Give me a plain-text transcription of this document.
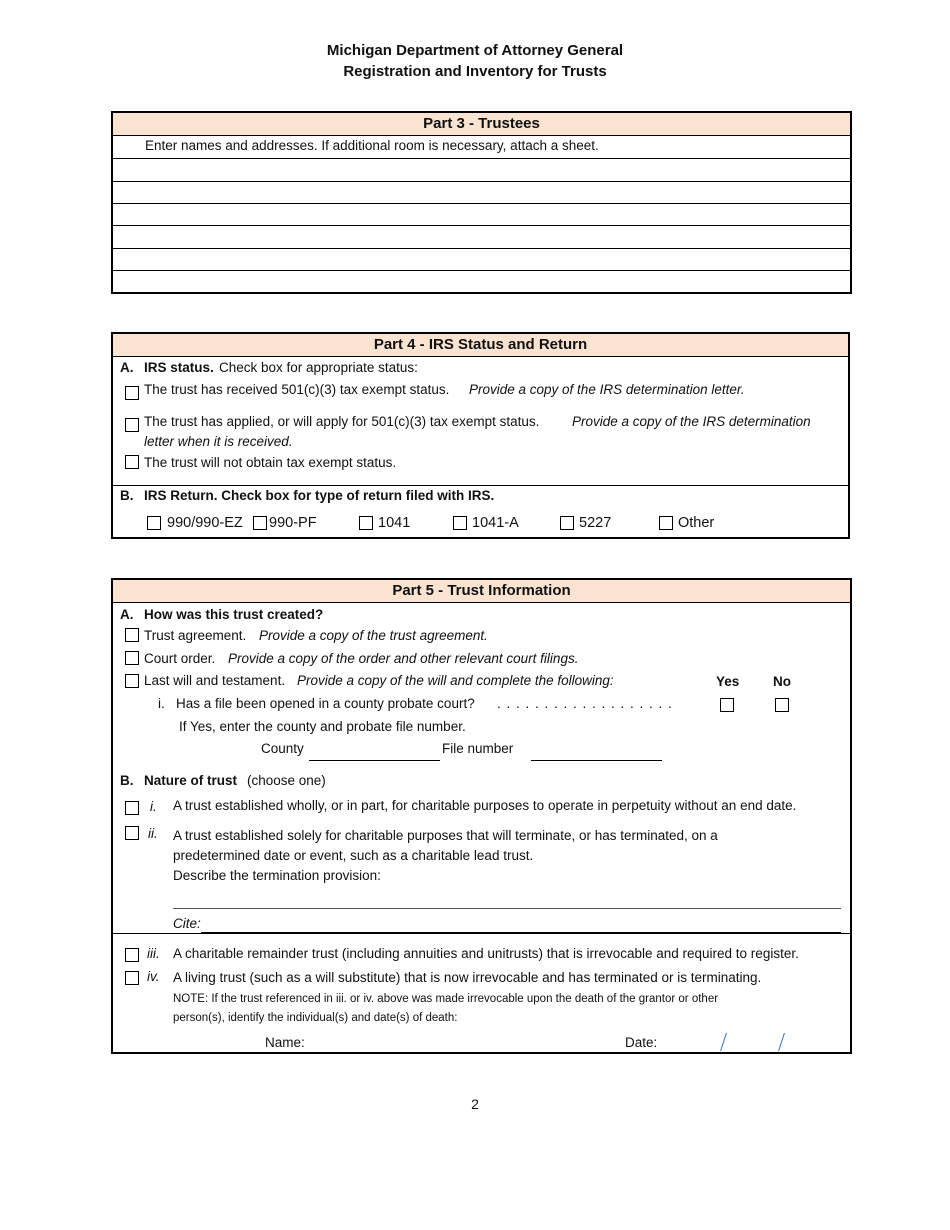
Michigan Department of Attorney General
Registration and Inventory for Trusts
Part 3 - Trustees
Enter names and addresses. If additional room is necessary, attach a sheet.
Part 4 - IRS Status and Return
A. IRS status. Check box for appropriate status:
The trust has received 501(c)(3) tax exempt status. Provide a copy of the IRS determination letter.
The trust has applied, or will apply for 501(c)(3) tax exempt status. Provide a copy of the IRS determination
letter when it is received.
The trust will not obtain tax exempt status.
B. IRS Return. Check box for type of return filed with IRS.
990/990-EZ 990-PF	1041	1041-A	5227	Other
Part 5 - Trust Information
A. How was this trust created?
Trust agreement. Provide a copy of the trust agreement.
Court order. Provide a copy of the order and other relevant court filings.
Last will and testament. Provide a copy of the will and complete the following:	Yes No
i. Has a file been opened in a county probate court? . . . . . . . . . . . . . . . . . . .
If Yes, enter the county and probate file number.
County	File number
B. Nature of trust (choose one)
i. A trust established wholly, or in part, for charitable purposes to operate in perpetuity without an end date.
ii. A trust established solely for charitable purposes that will terminate, or has terminated, on a
predetermined date or event, such as a charitable lead trust.
Describe the termination provision:
Cite:
iii. A charitable remainder trust (including annuities and unitrusts) that is irrevocable and required to register.
iv. A living trust (such as a will substitute) that is now irrevocable and has terminated or is terminating.
NOTE: If the trust referenced in iii. or iv. above was made irrevocable upon the death of the grantor or other
person(s), identify the individual(s) and date(s) of death:
Name:	Date:
2
